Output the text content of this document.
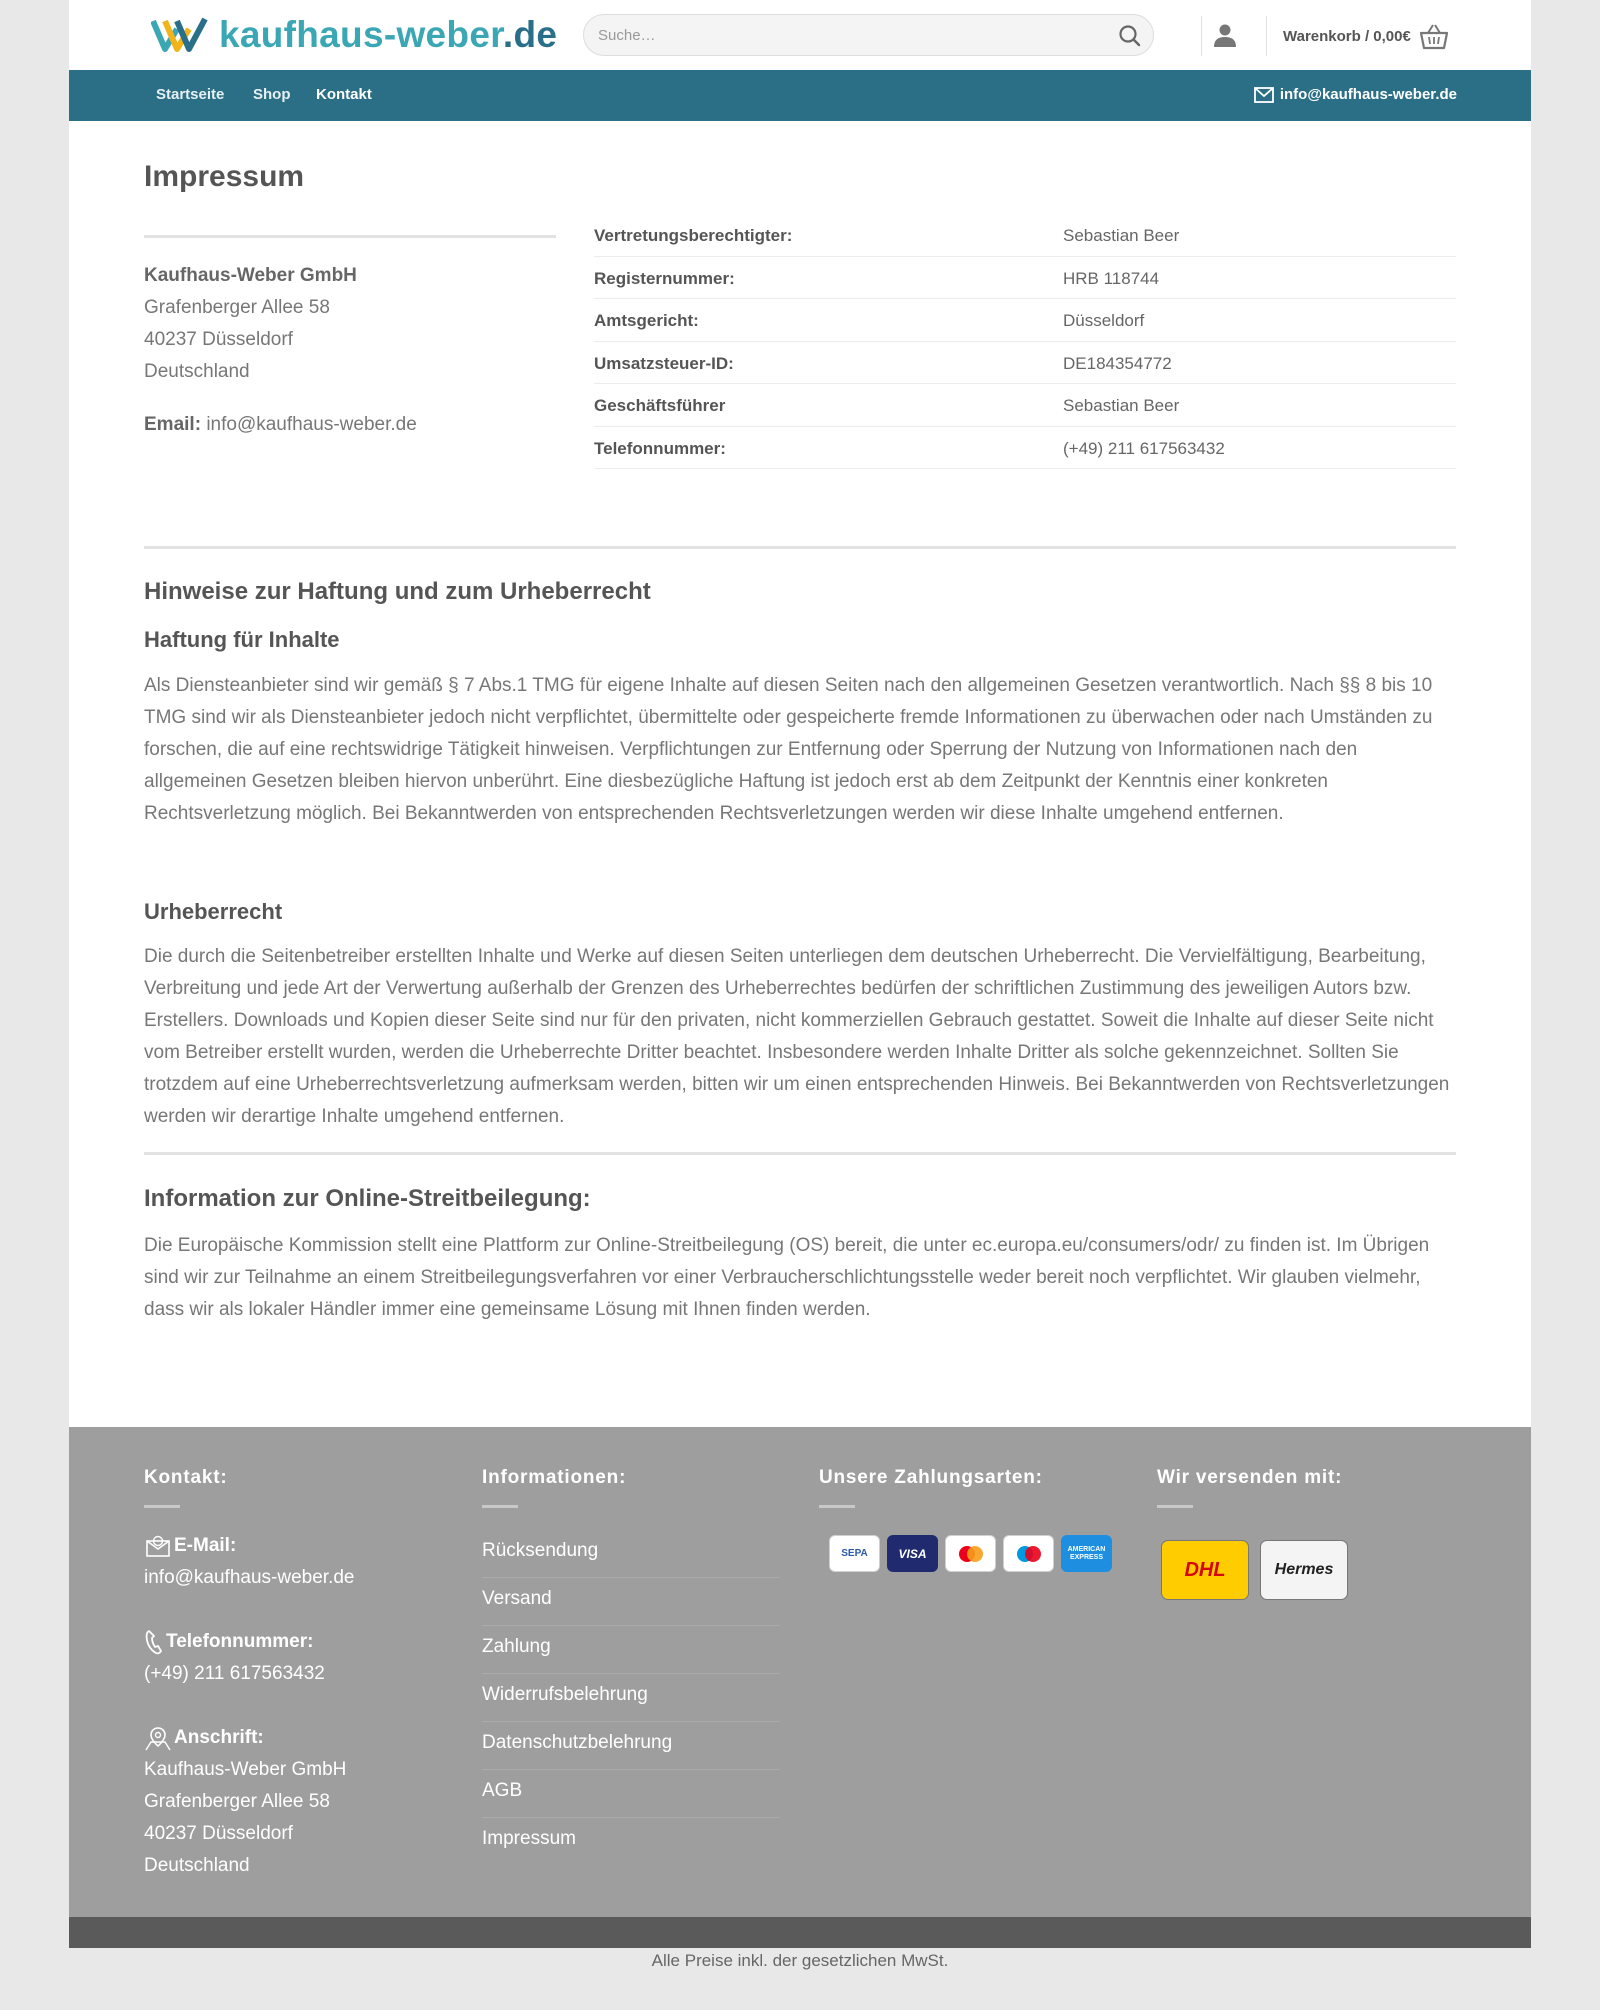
kaufhaus-weber.de
Suche…	Warenkorb / 0,00€
Startseite Shop Kontakt	info@kaufhaus-weber.de
Impressum
Kaufhaus-Weber GmbH
Grafenberger Allee 58
40237 Düsseldorf
Deutschland
Email: info@kaufhaus-weber.de
Vertretungsberechtigter:	Sebastian Beer
Registernummer:	HRB 118744
Amtsgericht:	Düsseldorf
Umsatzsteuer-ID:	DE184354772
Geschäftsführer	Sebastian Beer
Telefonnummer:	(+49) 211 617563432
Hinweise zur Haftung und zum Urheberrecht
Haftung für Inhalte

Als Diensteanbieter sind wir gemäß § 7 Abs.1 TMG für eigene Inhalte auf diesen Seiten nach den allgemeinen Gesetzen verantwortlich. Nach §§ 8 bis 10 TMG sind wir als Diensteanbieter jedoch nicht verpflichtet, übermittelte oder gespeicherte fremde Informationen zu überwachen oder nach Umständen zu forschen, die auf eine rechtswidrige Tätigkeit hinweisen. Verpflichtungen zur Entfernung oder Sperrung der Nutzung von Informationen nach den allgemeinen Gesetzen bleiben hiervon unberührt. Eine diesbezügliche Haftung ist jedoch erst ab dem Zeitpunkt der Kenntnis einer konkreten Rechtsverletzung möglich. Bei Bekanntwerden von entsprechenden Rechtsverletzungen werden wir diese Inhalte umgehend entfernen.

Urheberrecht

Die durch die Seitenbetreiber erstellten Inhalte und Werke auf diesen Seiten unterliegen dem deutschen Urheberrecht. Die Vervielfältigung, Bearbeitung, Verbreitung und jede Art der Verwertung außerhalb der Grenzen des Urheberrechtes bedürfen der schriftlichen Zustimmung des jeweiligen Autors bzw. Erstellers. Downloads und Kopien dieser Seite sind nur für den privaten, nicht kommerziellen Gebrauch gestattet. Soweit die Inhalte auf dieser Seite nicht vom Betreiber erstellt wurden, werden die Urheberrechte Dritter beachtet. Insbesondere werden Inhalte Dritter als solche gekennzeichnet. Sollten Sie trotzdem auf eine Urheberrechtsverletzung aufmerksam werden, bitten wir um einen entsprechenden Hinweis. Bei Bekanntwerden von Rechtsverletzungen werden wir derartige Inhalte umgehend entfernen.

Information zur Online-Streitbeilegung:

Die Europäische Kommission stellt eine Plattform zur Online-Streitbeilegung (OS) bereit, die unter ec.europa.eu/consumers/odr/ zu finden ist. Im Übrigen sind wir zur Teilnahme an einem Streitbeilegungsverfahren vor einer Verbraucherschlichtungsstelle weder bereit noch verpflichtet. Wir glauben vielmehr, dass wir als lokaler Händler immer eine gemeinsame Lösung mit Ihnen finden werden.

Kontakt:
E-Mail:
info@kaufhaus-weber.de
Telefonnummer:
(+49) 211 617563432
Anschrift:
Kaufhaus-Weber GmbH
Grafenberger Allee 58
40237 Düsseldorf
Deutschland
Informationen:
Rücksendung
Versand
Zahlung
Widerrufsbelehrung
Datenschutzbelehrung
AGB
Impressum
Unsere Zahlungsarten:
SEPA	VISA	AMERICAN
EXPRESS
Wir versenden mit:
DHL	Hermes
Alle Preise inkl. der gesetzlichen MwSt.
